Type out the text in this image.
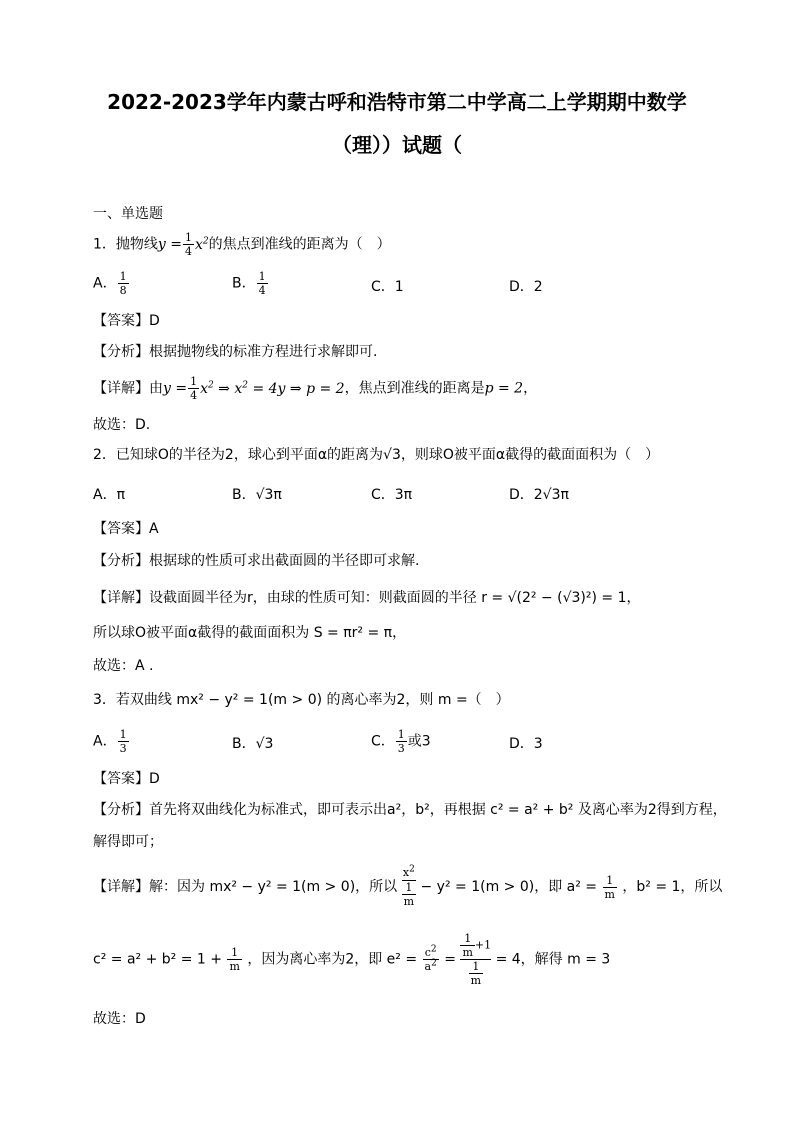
2022-2023学年内蒙古呼和浩特市第二中学高二上学期期中数学
（理））试题（
一、单选题
1．抛物线$y = \frac{1}{4} x^2$的焦点到准线的距离为（　）
A． $\frac{1}{8}$	B． $\frac{1}{4}$	C．1	D．2
【答案】D
【分析】根据抛物线的标准方程进行求解即可.
【详解】由$y = \frac{1}{4} x^2$ ⇒ $x^2 = 4y$ ⇒ p = 2，焦点到准线的距离是p = 2，
故选：D.
2．已知球O的半径为2，球心到平面α的距离为√3，则球O被平面α截得的截面面积为（　）
A．π	B．√3π	C．3π	D．2√3π
【答案】A
【分析】根据球的性质可求出截面圆的半径即可求解.
【详解】设截面圆半径为r，由球的性质可知：则截面圆的半径 r = √(2² − (√3)²) = 1，
所以球O被平面α截得的截面面积为 S = πr² = π，
故选：A .
3．若双曲线 mx² − y² = 1(m > 0) 的离心率为2，则 m =（　）
A． $\frac{1}{3}$	B．√3	C． $\frac{1}{3}$ 或3	D．3
【答案】D
【分析】首先将双曲线化为标准式，即可表示出a²，b²，再根据 c² = a² + b² 及离心率为2得到方程，
解得即可；
【详解】解：因为 mx² − y² = 1(m > 0)，所以 $\frac{x^2}{\frac{1}{m}} - y^2 = 1(m > 0)$，即 $a^2 = \frac{1}{m}$ ，b² = 1，所以
$c^2 = a^2 + b^2 = 1 + \frac{1}{m}$ ，因为离心率为2，即 $e^2 = \frac{c^2}{a^2} = \frac{\frac{1}{m} +1}{\frac{1}{m}} = 4$，解得 m = 3
故选：D
